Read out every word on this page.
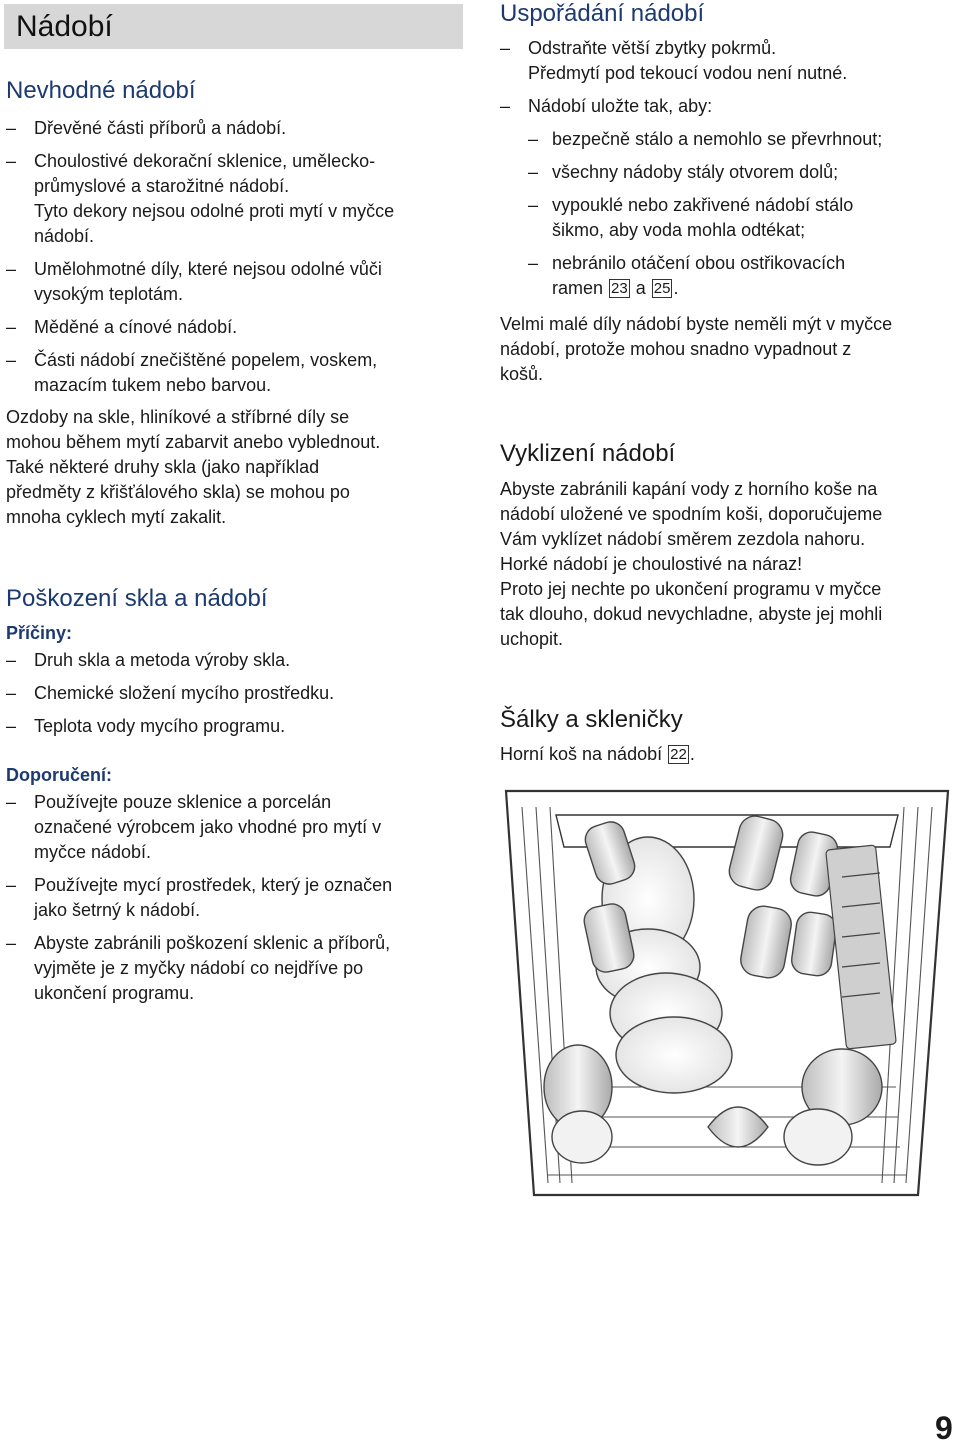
Nádobí
Nevhodné nádobí

– Dřevěné části příborů a nádobí.

– Choulostivé dekorační sklenice, umělecko-
průmyslové a starožitné nádobí.
Tyto dekory nejsou odolné proti mytí v myčce
nádobí.

– Umělohmotné díly, které nejsou odolné vůči
vysokým teplotám.

– Měděné a cínové nádobí.

– Části nádobí znečištěné popelem, voskem,
mazacím tukem nebo barvou.

Ozdoby na skle, hliníkové a stříbrné díly se
mohou během mytí zabarvit anebo vyblednout.
Také některé druhy skla (jako například
předměty z křišťálového skla) se mohou po
mnoha cyklech mytí zakalit.

Poškození skla a nádobí

Příčiny:

– Druh skla a metoda výroby skla.

– Chemické složení mycího prostředku.

– Teplota vody mycího programu.

Doporučení:

– Používejte pouze sklenice a porcelán
označené výrobcem jako vhodné pro mytí v
myčce nádobí.

– Používejte mycí prostředek, který je označen
jako šetrný k nádobí.

– Abyste zabránili poškození sklenic a příborů,
vyjměte je z myčky nádobí co nejdříve po
ukončení programu.

Uspořádání nádobí

– Odstraňte větší zbytky pokrmů.
Předmytí pod tekoucí vodou není nutné.

– Nádobí uložte tak, aby:

– bezpečně stálo a nemohlo se převrhnout;

– všechny nádoby stály otvorem dolů;

– vypouklé nebo zakřivené nádobí stálo
šikmo, aby voda mohla odtékat;

– nebránilo otáčení obou ostřikovacích
ramen 23 a 25 .

Velmi malé díly nádobí byste neměli mýt v myčce
nádobí, protože mohou snadno vypadnout z
košů.

Vyklizení nádobí

Abyste zabránili kapání vody z horního koše na
nádobí uložené ve spodním koši, doporučujeme
Vám vyklízet nádobí směrem zezdola nahoru.
Horké nádobí je choulostivé na náraz!
Proto jej nechte po ukončení programu v myčce
tak dlouho, dokud nevychladne, abyste jej mohli
uchopit.

Šálky a skleničky

Horní koš na nádobí 22 .

9
